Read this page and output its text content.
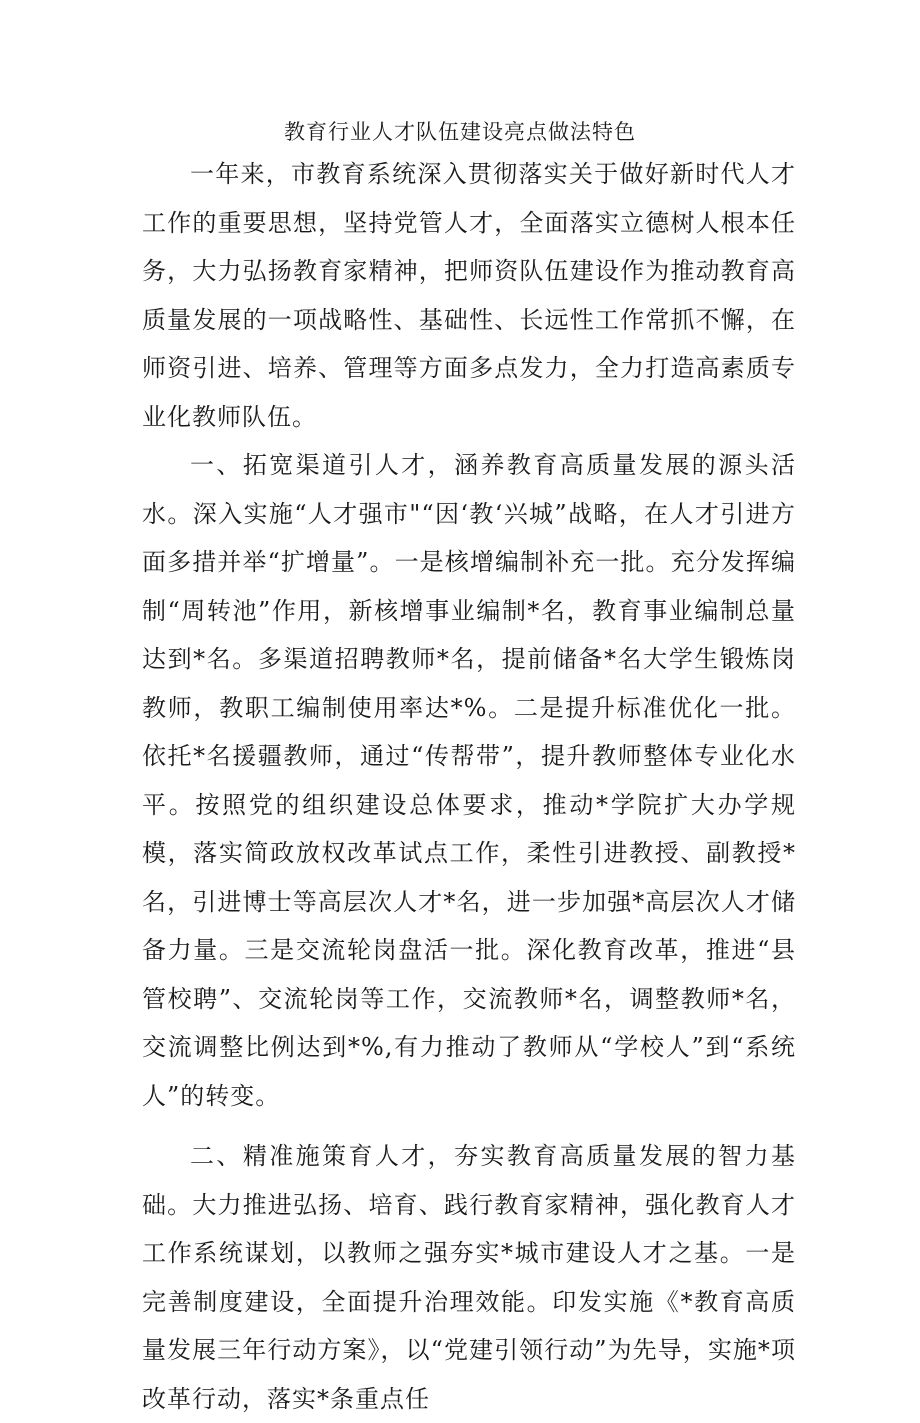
教育行业人才队伍建设亮点做法特色

一年来，市教育系统深入贯彻落实关于做好新时代人才工作的重要思想，坚持党管人才，全面落实立德树人根本任务，大力弘扬教育家精神，把师资队伍建设作为推动教育高质量发展的一项战略性、基础性、长远性工作常抓不懈，在师资引进、培养、管理等方面多点发力，全力打造高素质专业化教师队伍。

一、拓宽渠道引人才，涵养教育高质量发展的源头活水。深入实施“人才强市"“因‘教‘兴城”战略，在人才引进方面多措并举“扩增量”。一是核增编制补充一批。充分发挥编制“周转池”作用，新核增事业编制*名，教育事业编制总量达到*名。多渠道招聘教师*名，提前储备*名大学生锻炼岗教师，教职工编制使用率达*%。二是提升标准优化一批。依托*名援疆教师，通过“传帮带”，提升教师整体专业化水平。按照党的组织建设总体要求，推动*学院扩大办学规模，落实简政放权改革试点工作，柔性引进教授、副教授*名，引进博士等高层次人才*名，进一步加强*高层次人才储备力量。三是交流轮岗盘活一批。深化教育改革，推进“县管校聘”、交流轮岗等工作，交流教师*名，调整教师*名，交流调整比例达到*%,有力推动了教师从“学校人”到“系统人”的转变。

二、精准施策育人才，夯实教育高质量发展的智力基础。大力推进弘扬、培育、践行教育家精神，强化教育人才工作系统谋划，以教师之强夯实*城市建设人才之基。一是完善制度建设，全面提升治理效能。印发实施《*教育高质量发展三年行动方案》，以“党建引领行动”为先导，实施*项改革行动，落实*条重点任
